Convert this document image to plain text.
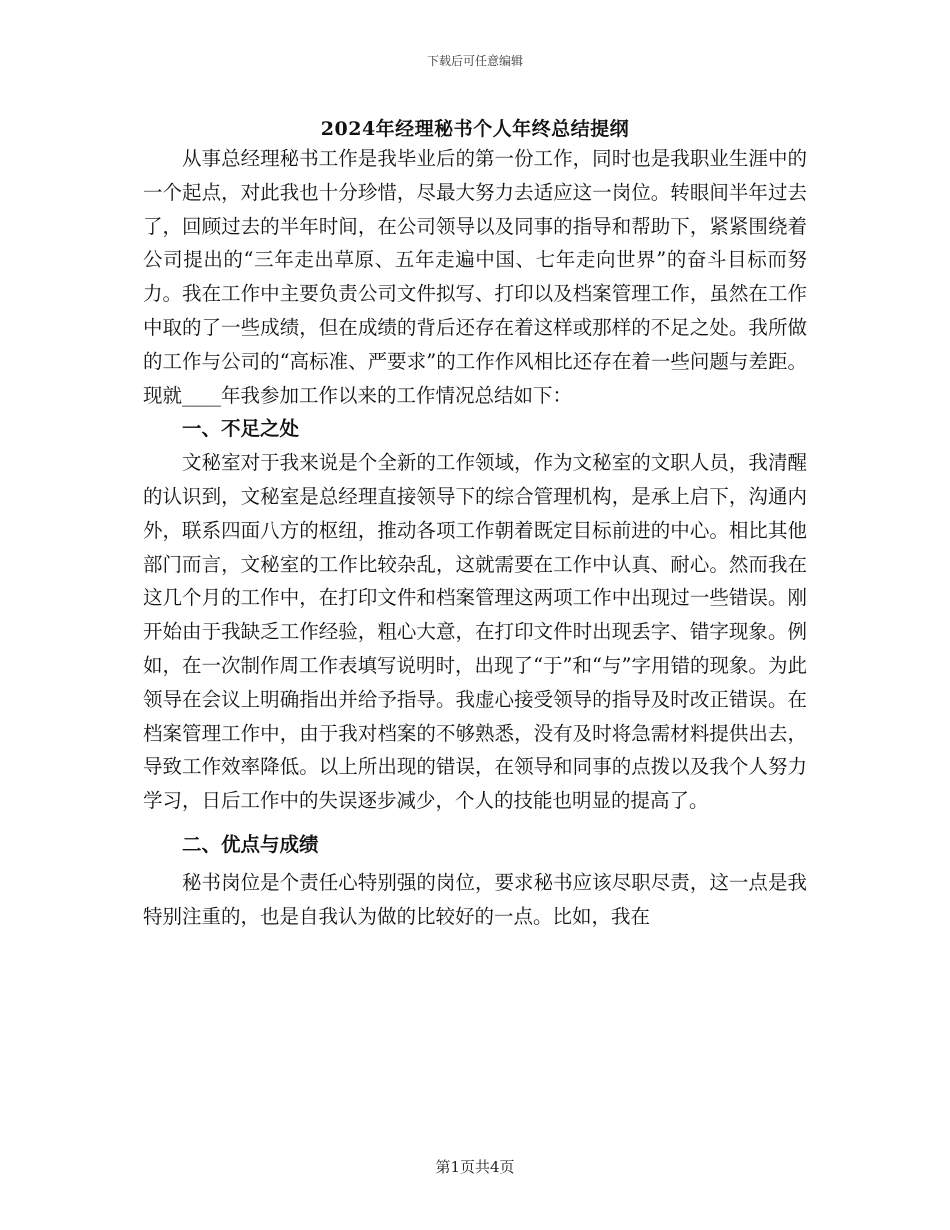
下载后可任意编辑
2024年经理秘书个人年终总结提纲

从事总经理秘书工作是我毕业后的第一份工作，同时也是我职业生涯中的一个起点，对此我也十分珍惜，尽最大努力去适应这一岗位。转眼间半年过去了，回顾过去的半年时间，在公司领导以及同事的指导和帮助下，紧紧围绕着公司提出的“三年走出草原、五年走遍中国、七年走向世界”的奋斗目标而努力。我在工作中主要负责公司文件拟写、打印以及档案管理工作，虽然在工作中取的了一些成绩，但在成绩的背后还存在着这样或那样的不足之处。我所做的工作与公司的“高标准、严要求”的工作作风相比还存在着一些问题与差距。现就____年我参加工作以来的工作情况总结如下：

一、不足之处

文秘室对于我来说是个全新的工作领域，作为文秘室的文职人员，我清醒的认识到，文秘室是总经理直接领导下的综合管理机构，是承上启下，沟通内外，联系四面八方的枢纽，推动各项工作朝着既定目标前进的中心。相比其他部门而言，文秘室的工作比较杂乱，这就需要在工作中认真、耐心。然而我在这几个月的工作中，在打印文件和档案管理这两项工作中出现过一些错误。刚开始由于我缺乏工作经验，粗心大意，在打印文件时出现丢字、错字现象。例如，在一次制作周工作表填写说明时，出现了“于”和“与”字用错的现象。为此领导在会议上明确指出并给予指导。我虚心接受领导的指导及时改正错误。在档案管理工作中，由于我对档案的不够熟悉，没有及时将急需材料提供出去，导致工作效率降低。以上所出现的错误，在领导和同事的点拨以及我个人努力学习，日后工作中的失误逐步减少，个人的技能也明显的提高了。

二、优点与成绩

秘书岗位是个责任心特别强的岗位，要求秘书应该尽职尽责，这一点是我特别注重的，也是自我认为做的比较好的一点。比如，我在

第1页共4页
